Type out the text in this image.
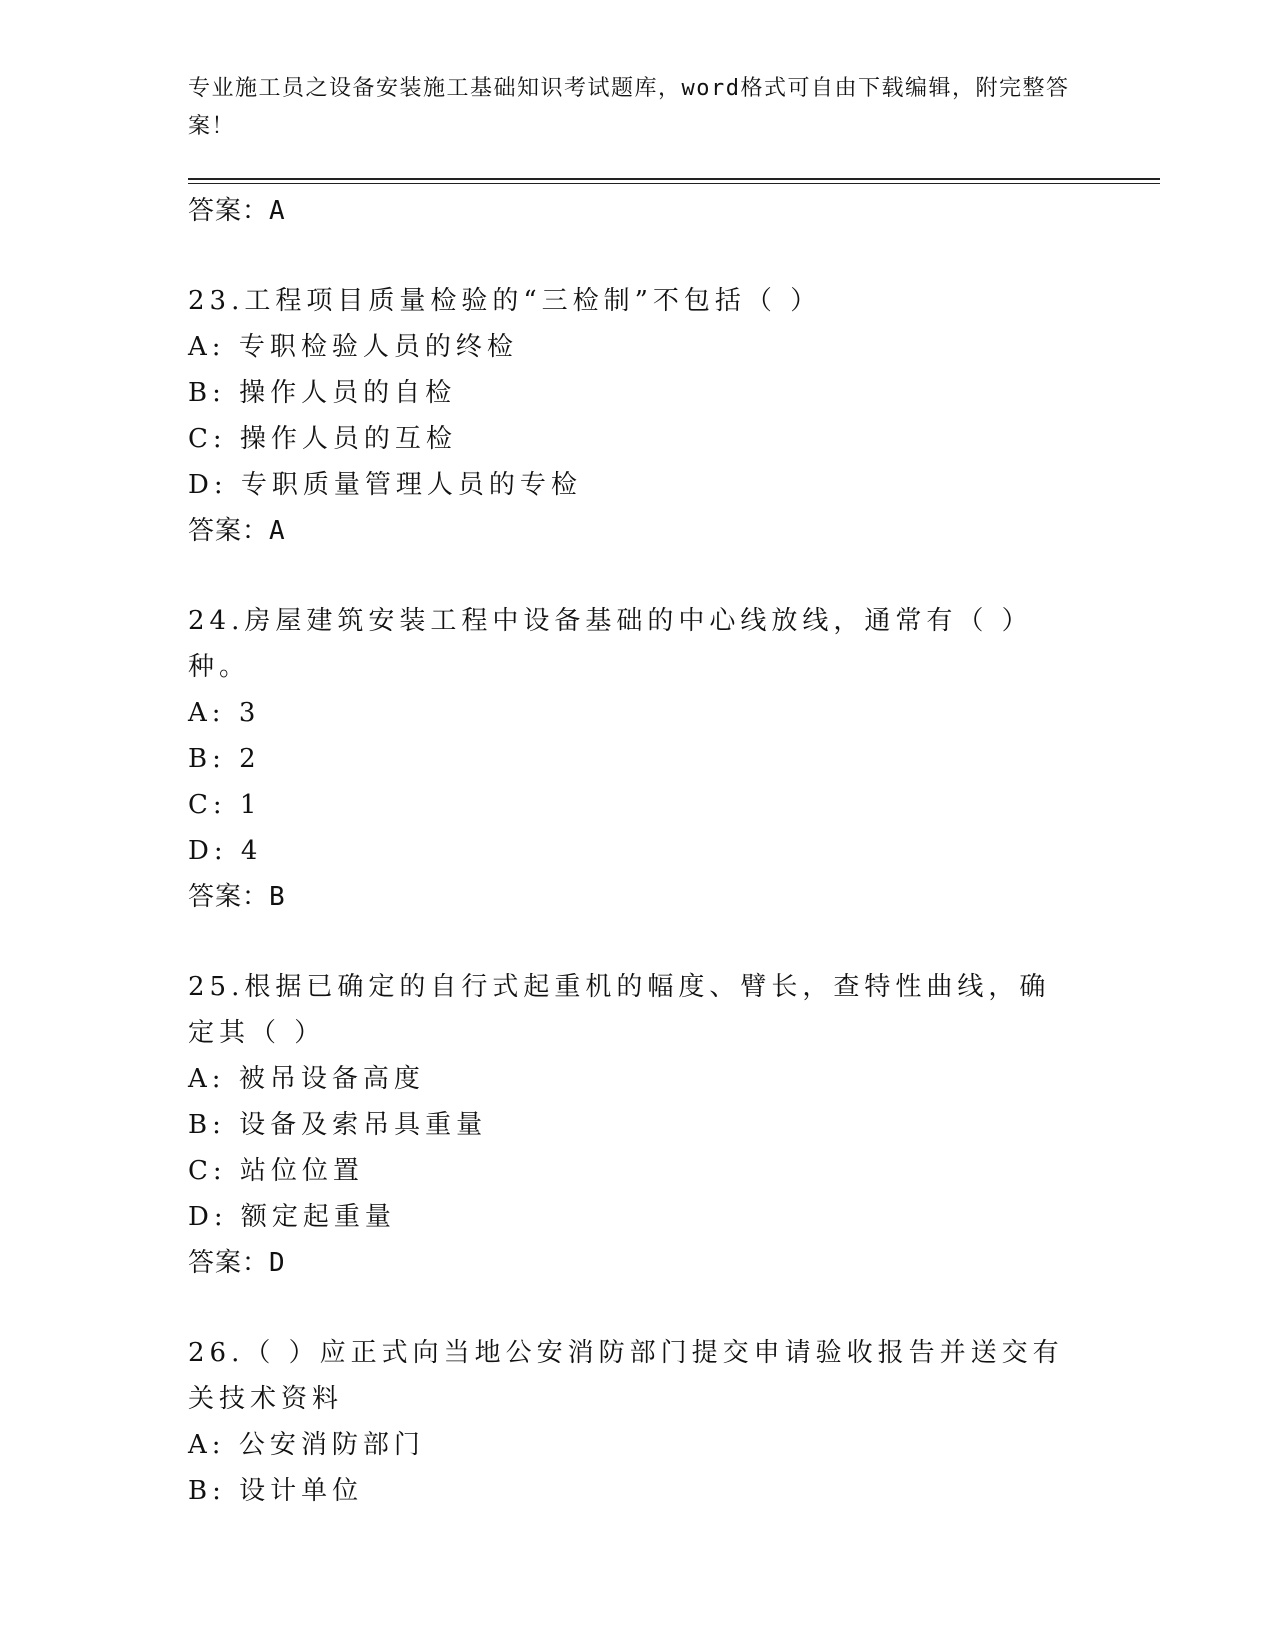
专业施工员之设备安装施工基础知识考试题库，word格式可自由下载编辑，附完整答案！

答案：A
23.工程项目质量检验的“三检制”不包括（ ）
A: 专职检验人员的终检
B: 操作人员的自检
C: 操作人员的互检
D: 专职质量管理人员的专检
答案：A
24.房屋建筑安装工程中设备基础的中心线放线，通常有（ ）种。
A: 3
B: 2
C: 1
D: 4
答案：B
25.根据已确定的自行式起重机的幅度、臂长，查特性曲线，确定其（ ）
A: 被吊设备高度
B: 设备及索吊具重量
C: 站位位置
D: 额定起重量
答案：D
26.（ ）应正式向当地公安消防部门提交申请验收报告并送交有关技术资料
A: 公安消防部门
B: 设计单位
